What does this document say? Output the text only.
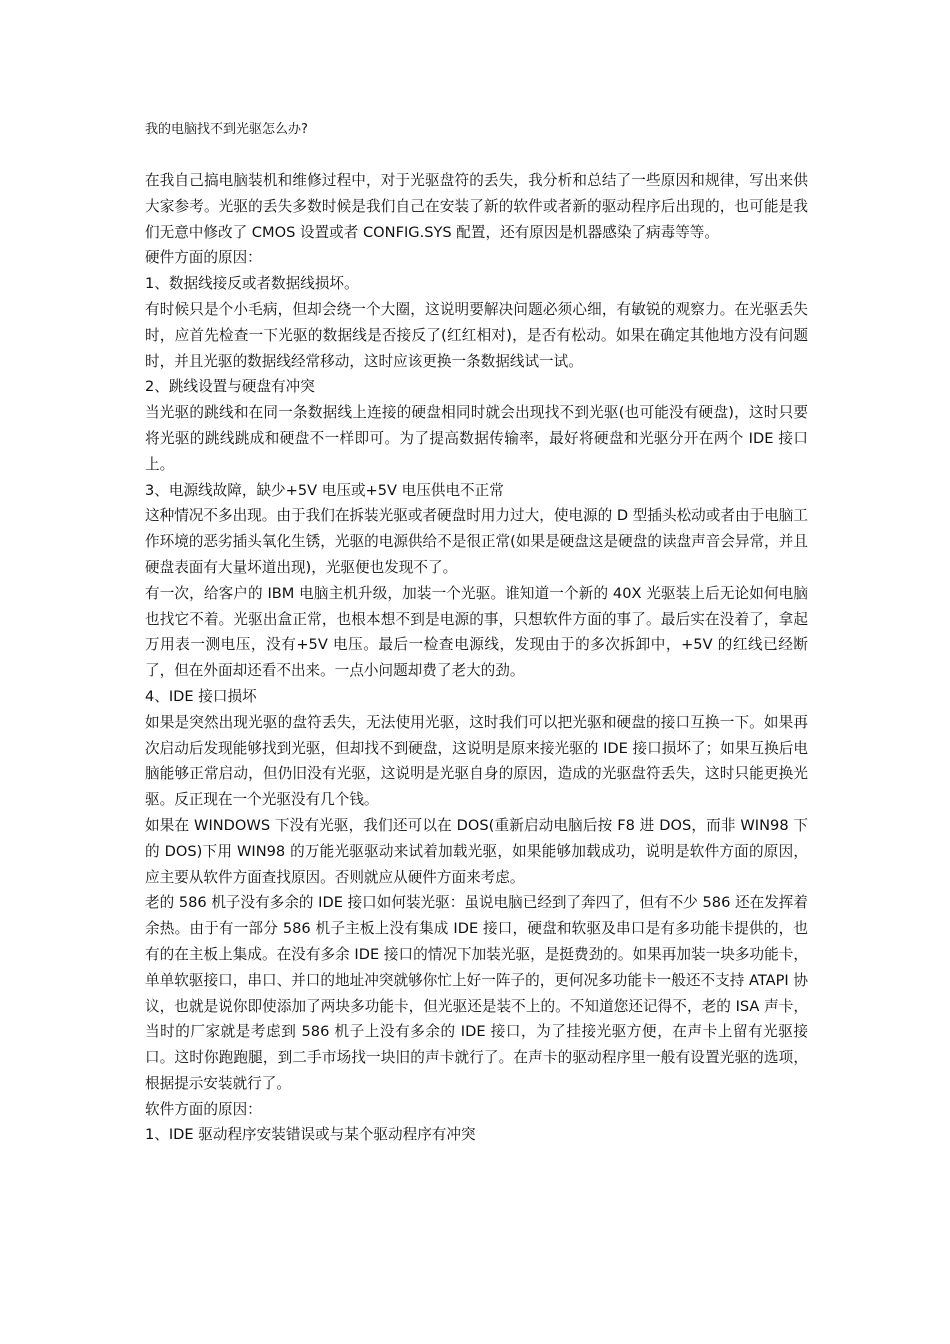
我的电脑找不到光驱怎么办?

在我自己搞电脑装机和维修过程中，对于光驱盘符的丢失，我分析和总结了一些原因和规律，写出来供大家参考。光驱的丢失多数时候是我们自己在安装了新的软件或者新的驱动程序后出现的，也可能是我们无意中修改了 CMOS 设置或者 CONFIG.SYS 配置，还有原因是机器感染了病毒等等。

硬件方面的原因：

1、数据线接反或者数据线损坏。

有时候只是个小毛病，但却会绕一个大圈，这说明要解决问题必须心细，有敏锐的观察力。在光驱丢失时，应首先检查一下光驱的数据线是否接反了(红红相对)，是否有松动。如果在确定其他地方没有问题时，并且光驱的数据线经常移动，这时应该更换一条数据线试一试。

2、跳线设置与硬盘有冲突

当光驱的跳线和在同一条数据线上连接的硬盘相同时就会出现找不到光驱(也可能没有硬盘)，这时只要将光驱的跳线跳成和硬盘不一样即可。为了提高数据传输率，最好将硬盘和光驱分开在两个 IDE 接口上。

3、电源线故障，缺少+5V 电压或+5V 电压供电不正常

这种情况不多出现。由于我们在拆装光驱或者硬盘时用力过大，使电源的 D 型插头松动或者由于电脑工作环境的恶劣插头氧化生锈，光驱的电源供给不是很正常(如果是硬盘这是硬盘的读盘声音会异常，并且硬盘表面有大量坏道出现)，光驱便也发现不了。

有一次，给客户的 IBM 电脑主机升级，加装一个光驱。谁知道一个新的 40X 光驱装上后无论如何电脑也找它不着。光驱出盒正常，也根本想不到是电源的事，只想软件方面的事了。最后实在没着了，拿起万用表一测电压，没有+5V 电压。最后一检查电源线，发现由于的多次拆卸中，+5V 的红线已经断了，但在外面却还看不出来。一点小问题却费了老大的劲。

4、IDE 接口损坏

如果是突然出现光驱的盘符丢失，无法使用光驱，这时我们可以把光驱和硬盘的接口互换一下。如果再次启动后发现能够找到光驱，但却找不到硬盘，这说明是原来接光驱的 IDE 接口损坏了；如果互换后电脑能够正常启动，但仍旧没有光驱，这说明是光驱自身的原因，造成的光驱盘符丢失，这时只能更换光驱。反正现在一个光驱没有几个钱。

如果在 WINDOWS 下没有光驱，我们还可以在 DOS(重新启动电脑后按 F8 进 DOS，而非 WIN98 下的 DOS)下用 WIN98 的万能光驱驱动来试着加载光驱，如果能够加载成功，说明是软件方面的原因，应主要从软件方面查找原因。否则就应从硬件方面来考虑。

老的 586 机子没有多余的 IDE 接口如何装光驱：虽说电脑已经到了奔四了，但有不少 586 还在发挥着余热。由于有一部分 586 机子主板上没有集成 IDE 接口，硬盘和软驱及串口是有多功能卡提供的，也有的在主板上集成。在没有多余 IDE 接口的情况下加装光驱，是挺费劲的。如果再加装一块多功能卡，单单软驱接口，串口、并口的地址冲突就够你忙上好一阵子的，更何况多功能卡一般还不支持 ATAPI 协议，也就是说你即使添加了两块多功能卡，但光驱还是装不上的。不知道您还记得不，老的 ISA 声卡，当时的厂家就是考虑到 586 机子上没有多余的 IDE 接口，为了挂接光驱方便，在声卡上留有光驱接口。这时你跑跑腿，到二手市场找一块旧的声卡就行了。在声卡的驱动程序里一般有设置光驱的选项，根据提示安装就行了。

软件方面的原因：

1、IDE 驱动程序安装错误或与某个驱动程序有冲突
